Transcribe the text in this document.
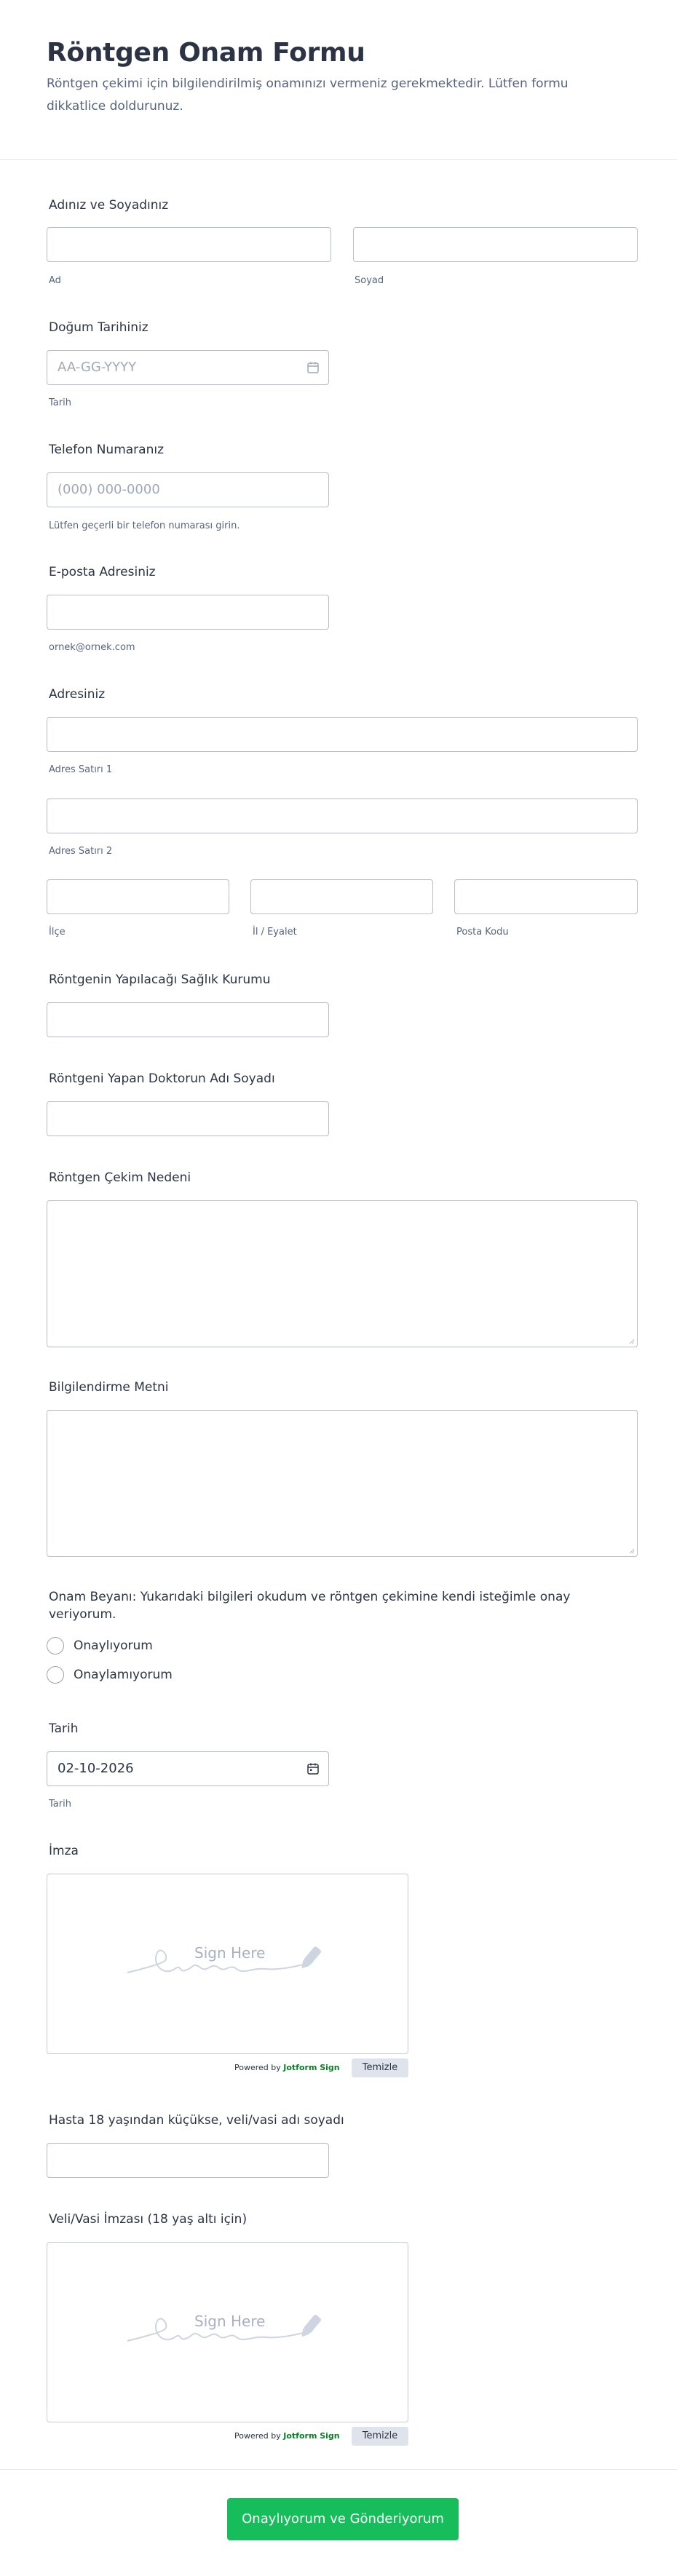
Röntgen Onam Formu
Röntgen çekimi için bilgilendirilmiş onamınızı vermeniz gerekmektedir. Lütfen formu
dikkatlice doldurunuz.
Adınız ve Soyadınız
Ad	Soyad
Doğum Tarihiniz
AA-GG-YYYY
Tarih
Telefon Numaranız
(000) 000-0000
Lütfen geçerli bir telefon numarası girin.
E-posta Adresiniz
ornek@ornek.com
Adresiniz
Adres Satırı 1
Adres Satırı 2
İlçe	İl / Eyalet	Posta Kodu
Röntgenin Yapılacağı Sağlık Kurumu
Röntgeni Yapan Doktorun Adı Soyadı
Röntgen Çekim Nedeni
Bilgilendirme Metni
Onam Beyanı: Yukarıdaki bilgileri okudum ve röntgen çekimine kendi isteğimle onay
veriyorum.
Onaylıyorum
Onaylamıyorum
Tarih
02-10-2026
Tarih
İmza
Sign Here
Powered by Jotform Sign	Temizle
Hasta 18 yaşından küçükse, veli/vasi adı soyadı
Veli/Vasi İmzası (18 yaş altı için)
Sign Here
Powered by Jotform Sign	Temizle
Onaylıyorum ve Gönderiyorum
